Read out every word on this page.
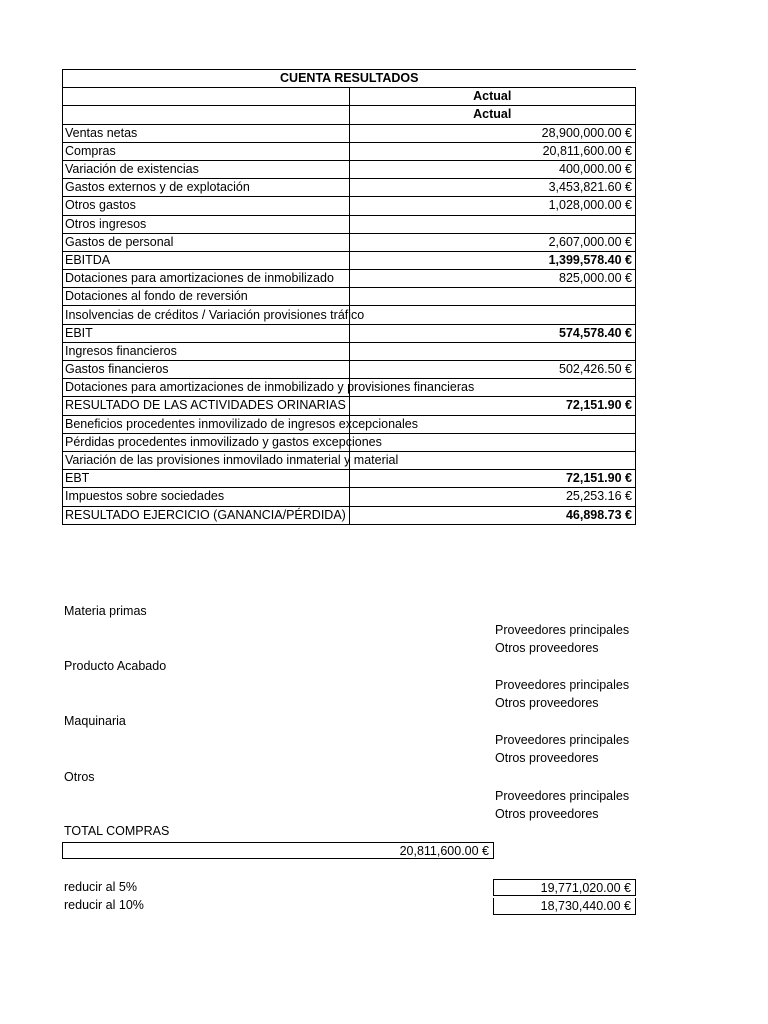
CUENTA RESULTADOS	
	Actual
	Actual
Ventas netas	28,900,000.00 €
Compras	20,811,600.00 €
Variación de existencias	400,000.00 €
Gastos externos y de explotación	3,453,821.60 €
Otros gastos	1,028,000.00 €
Otros ingresos	
Gastos de personal	2,607,000.00 €
EBITDA	1,399,578.40 €
Dotaciones para amortizaciones de inmobilizado	825,000.00 €
Dotaciones al fondo de reversión	
Insolvencias de créditos / Variación provisiones tráfico	
EBIT	574,578.40 €
Ingresos financieros	
Gastos financieros	502,426.50 €
Dotaciones para amortizaciones de inmobilizado y provisiones financieras	
RESULTADO DE LAS ACTIVIDADES ORINARIAS	72,151.90 €
Beneficios procedentes inmovilizado de ingresos excepcionales	
Pérdidas procedentes inmovilizado y gastos excepciones	
Variación de las provisiones inmovilado inmaterial y material	
EBT	72,151.90 €
Impuestos sobre sociedades	25,253.16 €
RESULTADO EJERCICIO (GANANCIA/PÉRDIDA)	46,898.73 €
Materia primas
Proveedores principales
Otros proveedores
Producto Acabado
Proveedores principales
Otros proveedores
Maquinaria
Proveedores principales
Otros proveedores
Otros
Proveedores principales
Otros proveedores
TOTAL COMPRAS
20,811,600.00 €
reducir al 5%	19,771,020.00 €
reducir al 10%	18,730,440.00 €
